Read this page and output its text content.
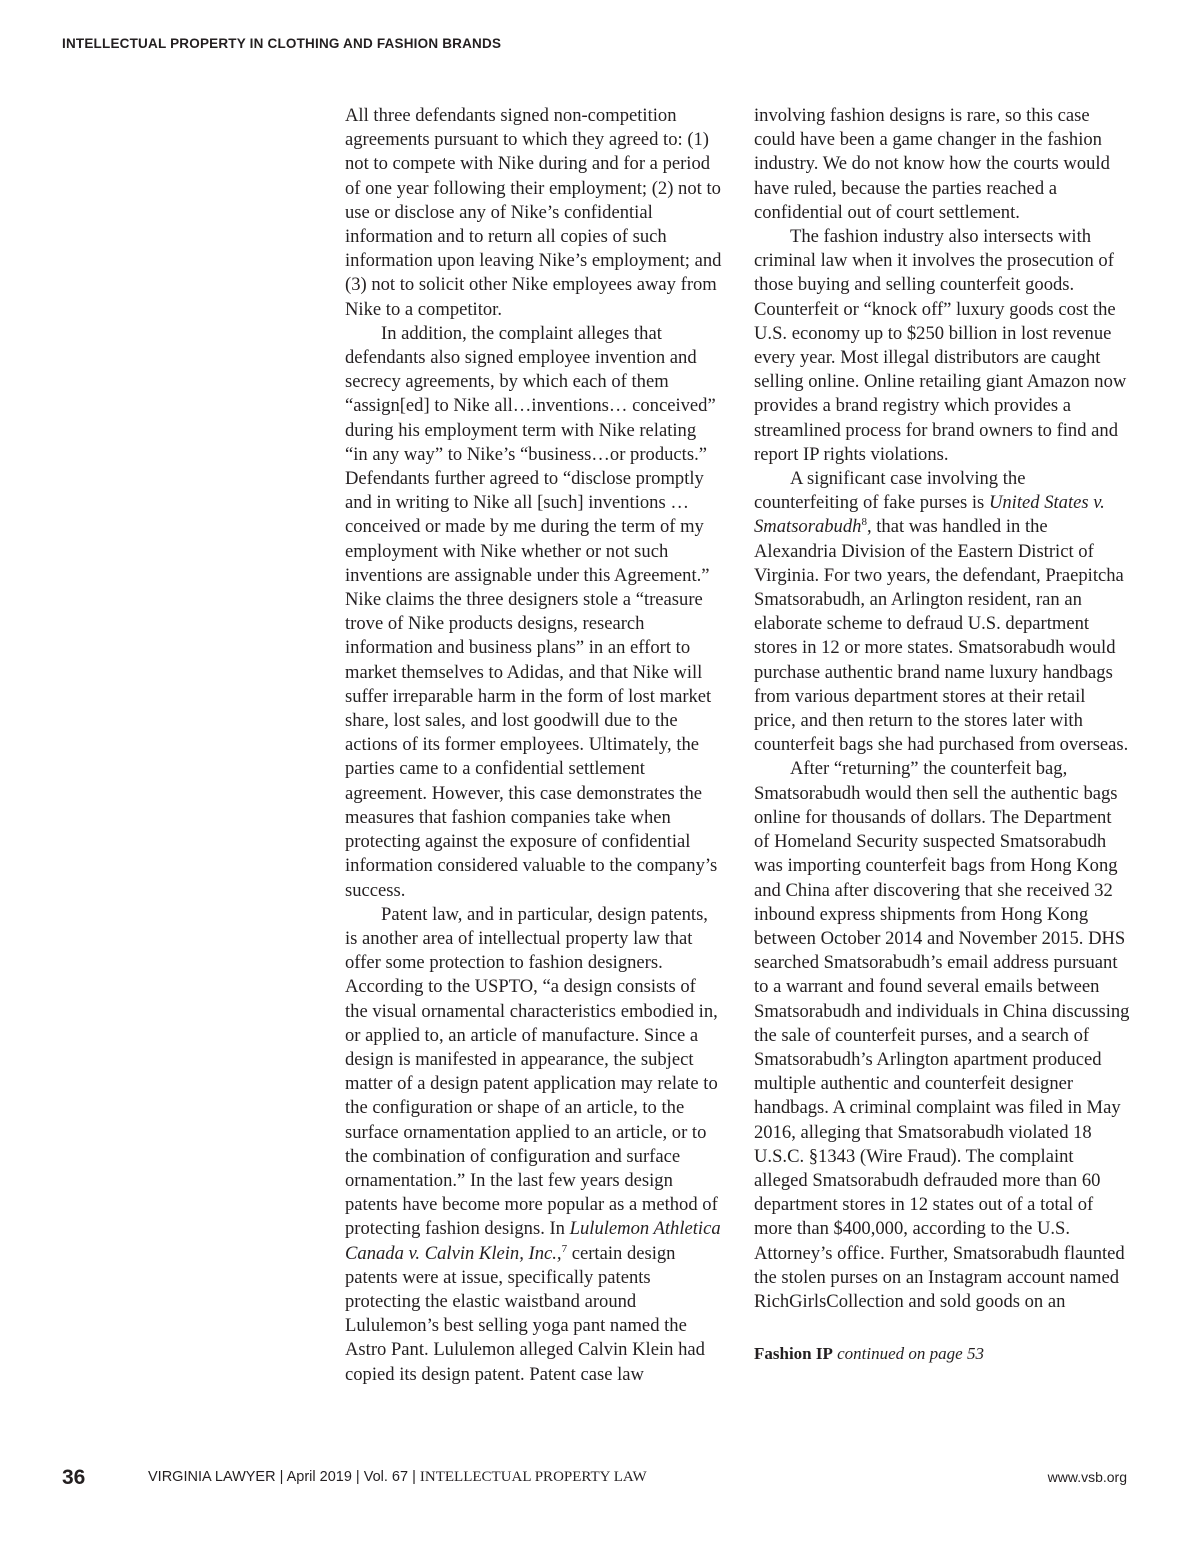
INTELLECTUAL PROPERTY IN CLOTHING AND FASHION BRANDS

All three defendants signed non-competition agreements pursuant to which they agreed to: (1) not to compete with Nike during and for a period of one year following their employment; (2) not to use or disclose any of Nike’s confidential information and to return all copies of such information upon leaving Nike’s employment; and (3) not to solicit other Nike employees away from Nike to a competitor.

In addition, the complaint alleges that defendants also signed employee invention and secrecy agreements, by which each of them “assign[ed] to Nike all…inventions… conceived” during his employment term with Nike relating “in any way” to Nike’s “business…or products.” Defendants further agreed to “disclose promptly and in writing to Nike all [such] inventions … conceived or made by me during the term of my employment with Nike whether or not such inventions are assignable under this Agreement.” Nike claims the three designers stole a “treasure trove of Nike products designs, research information and business plans” in an effort to market themselves to Adidas, and that Nike will suffer irreparable harm in the form of lost market share, lost sales, and lost goodwill due to the actions of its former employees. Ultimately, the parties came to a confidential settlement agreement. However, this case demonstrates the measures that fashion companies take when protecting against the exposure of confidential information considered valuable to the company’s success.

Patent law, and in particular, design patents, is another area of intellectual property law that offer some protection to fashion designers. According to the USPTO, “a design consists of the visual ornamental characteristics embodied in, or applied to, an article of manufacture. Since a design is manifested in appearance, the subject matter of a design patent application may relate to the configuration or shape of an article, to the surface ornamentation applied to an article, or to the combination of configuration and surface ornamentation.” In the last few years design patents have become more popular as a method of protecting fashion designs. In Lululemon Athletica Canada v. Calvin Klein, Inc.,$^7$ certain design patents were at issue, specifically patents protecting the elastic waistband around Lululemon’s best selling yoga pant named the Astro Pant. Lululemon alleged Calvin Klein had copied its design patent. Patent case law

involving fashion designs is rare, so this case could have been a game changer in the fashion industry. We do not know how the courts would have ruled, because the parties reached a confidential out of court settlement.

The fashion industry also intersects with criminal law when it involves the prosecution of those buying and selling counterfeit goods. Counterfeit or “knock off” luxury goods cost the U.S. economy up to $250 billion in lost revenue every year. Most illegal distributors are caught selling online. Online retailing giant Amazon now provides a brand registry which provides a streamlined process for brand owners to find and report IP rights violations.

A significant case involving the counterfeiting of fake purses is United States v. Smatsorabudh$^8$, that was handled in the Alexandria Division of the Eastern District of Virginia. For two years, the defendant, Praepitcha Smatsorabudh, an Arlington resident, ran an elaborate scheme to defraud U.S. department stores in 12 or more states. Smatsorabudh would purchase authentic brand name luxury handbags from various department stores at their retail price, and then return to the stores later with counterfeit bags she had purchased from overseas.

After “returning” the counterfeit bag, Smatsorabudh would then sell the authentic bags online for thousands of dollars. The Department of Homeland Security suspected Smatsorabudh was importing counterfeit bags from Hong Kong and China after discovering that she received 32 inbound express shipments from Hong Kong between October 2014 and November 2015. DHS searched Smatsorabudh’s email address pursuant to a warrant and found several emails between Smatsorabudh and individuals in China discussing the sale of counterfeit purses, and a search of Smatsorabudh’s Arlington apartment produced multiple authentic and counterfeit designer handbags. A criminal complaint was filed in May 2016, alleging that Smatsorabudh violated 18 U.S.C. §1343 (Wire Fraud). The complaint alleged Smatsorabudh defrauded more than 60 department stores in 12 states out of a total of more than $400,000, according to the U.S. Attorney’s office. Further, Smatsorabudh flaunted the stolen purses on an Instagram account named RichGirlsCollection and sold goods on an

Fashion IP continued on page 53

36	VIRGINIA LAWYER | April 2019 | Vol. 67 | INTELLECTUAL PROPERTY LAW	www.vsb.org
